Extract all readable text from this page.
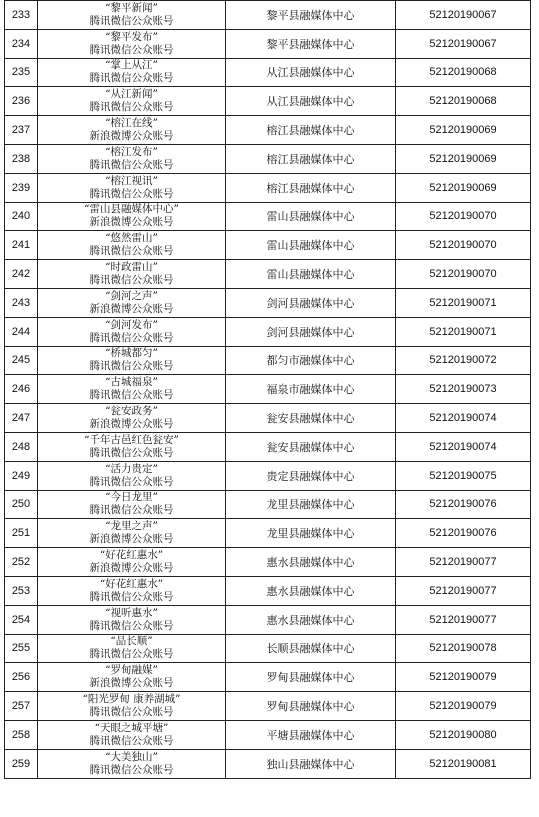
233	“黎平新闻”
腾讯微信公众账号	黎平县融媒体中心	52120190067
234	“黎平发布”
腾讯微信公众账号	黎平县融媒体中心	52120190067
235	“掌上从江”
腾讯微信公众账号	从江县融媒体中心	52120190068
236	“从江新闻”
腾讯微信公众账号	从江县融媒体中心	52120190068
237	“榕江在线”
新浪微博公众账号	榕江县融媒体中心	52120190069
238	“榕江发布”
腾讯微信公众账号	榕江县融媒体中心	52120190069
239	“榕江视讯”
腾讯微信公众账号	榕江县融媒体中心	52120190069
240	“雷山县融媒体中心”
新浪微博公众账号	雷山县融媒体中心	52120190070
241	“悠然雷山”
腾讯微信公众账号	雷山县融媒体中心	52120190070
242	“时政雷山”
腾讯微信公众账号	雷山县融媒体中心	52120190070
243	“剑河之声”
新浪微博公众账号	剑河县融媒体中心	52120190071
244	“剑河发布”
腾讯微信公众账号	剑河县融媒体中心	52120190071
245	“桥城都匀”
腾讯微信公众账号	都匀市融媒体中心	52120190072
246	“古城福泉”
腾讯微信公众账号	福泉市融媒体中心	52120190073
247	“瓮安政务”
新浪微博公众账号	瓮安县融媒体中心	52120190074
248	“千年古邑红色瓮安”
腾讯微信公众账号	瓮安县融媒体中心	52120190074
249	“活力贵定”
腾讯微信公众账号	贵定县融媒体中心	52120190075
250	“今日龙里”
腾讯微信公众账号	龙里县融媒体中心	52120190076
251	“龙里之声”
新浪微博公众账号	龙里县融媒体中心	52120190076
252	“好花红惠水”
新浪微博公众账号	惠水县融媒体中心	52120190077
253	“好花红惠水”
腾讯微信公众账号	惠水县融媒体中心	52120190077
254	“视听惠水”
腾讯微信公众账号	惠水县融媒体中心	52120190077
255	“品长顺”
腾讯微信公众账号	长顺县融媒体中心	52120190078
256	“罗甸融媒”
新浪微博公众账号	罗甸县融媒体中心	52120190079
257	“阳光罗甸 康养湖城”
腾讯微信公众账号	罗甸县融媒体中心	52120190079
258	“天眼之城平塘”
腾讯微信公众账号	平塘县融媒体中心	52120190080
259	“大美独山”
腾讯微信公众账号	独山县融媒体中心	52120190081
